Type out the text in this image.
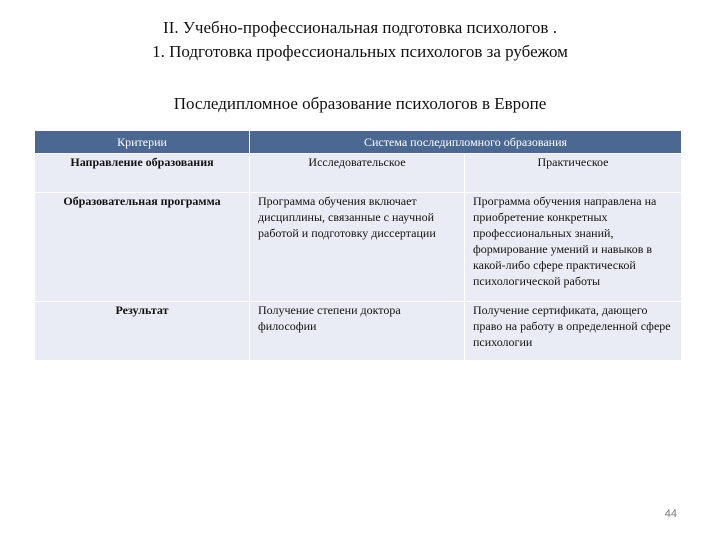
II. Учебно-профессиональная подготовка психологов .
1. Подготовка профессиональных психологов за рубежом
Последипломное образование психологов в Европе
Критерии	Система последипломного образования	
Направление образования	Исследовательское	Практическое
Образовательная программа	Программа обучения включает дисциплины, связанные с научной работой и подготовку диссертации	Программа обучения направлена на приобретение конкретных профессиональных знаний, формирование умений и навыков в какой-либо сфере практической психологической работы
Результат	Получение степени доктора философии	Получение сертификата, дающего право на работу в определенной сфере психологии
44
